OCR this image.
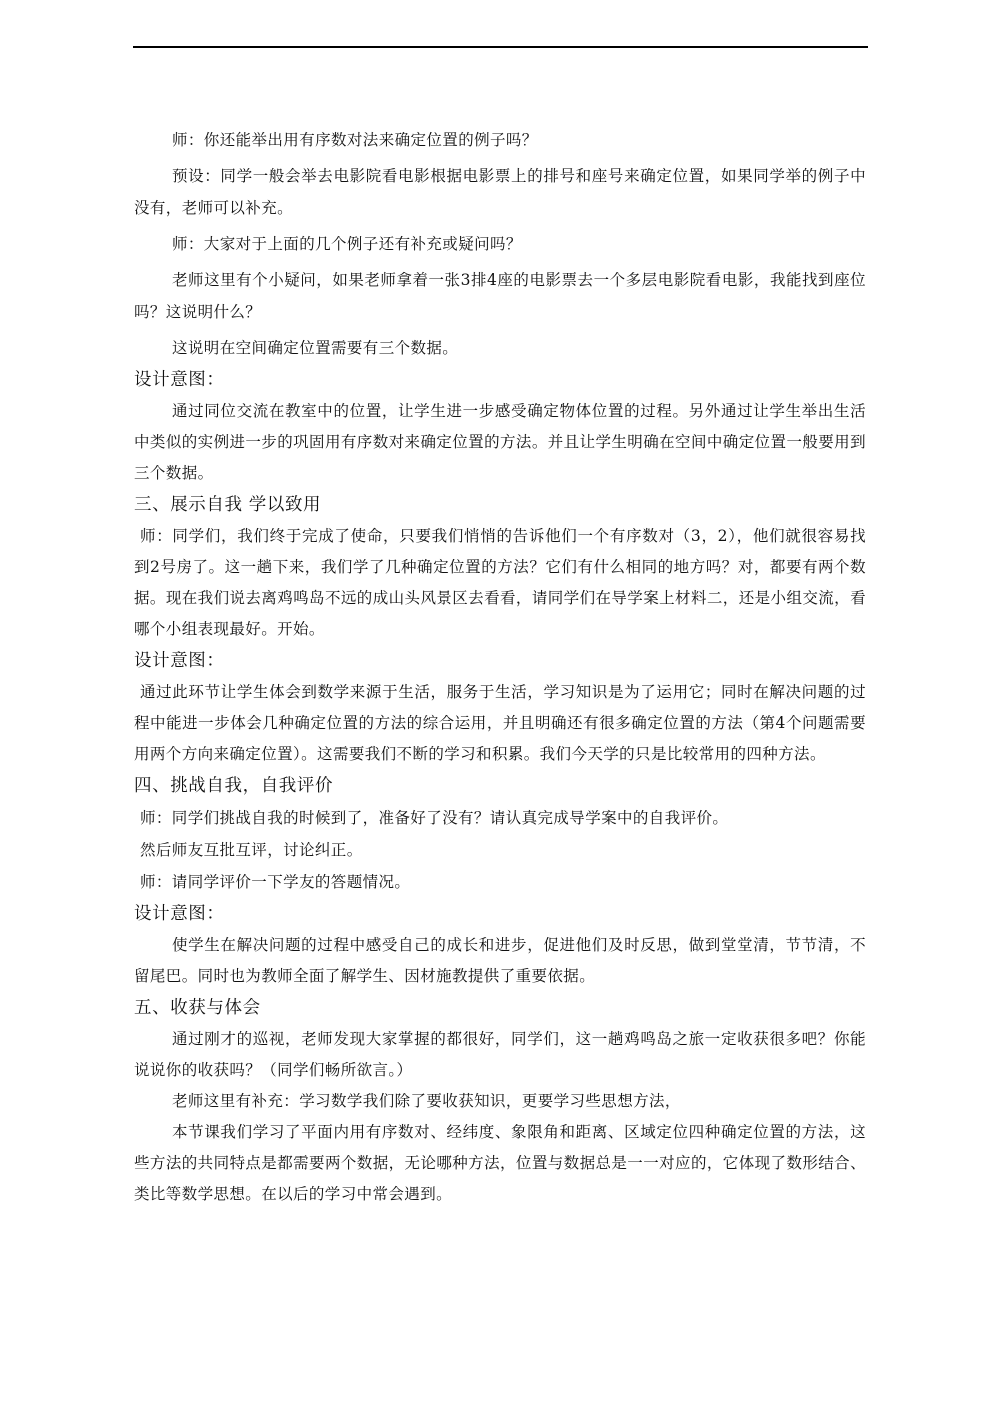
师：你还能举出用有序数对法来确定位置的例子吗？

预设：同学一般会举去电影院看电影根据电影票上的排号和座号来确定位置，如果同学举的例子中没有，老师可以补充。

师：大家对于上面的几个例子还有补充或疑问吗？

老师这里有个小疑问，如果老师拿着一张3排4座的电影票去一个多层电影院看电影，我能找到座位吗？这说明什么？

这说明在空间确定位置需要有三个数据。

设计意图：

通过同位交流在教室中的位置，让学生进一步感受确定物体位置的过程。另外通过让学生举出生活中类似的实例进一步的巩固用有序数对来确定位置的方法。并且让学生明确在空间中确定位置一般要用到三个数据。

三、展示自我 学以致用

师：同学们，我们终于完成了使命，只要我们悄悄的告诉他们一个有序数对（3，2），他们就很容易找到2号房了。这一趟下来，我们学了几种确定位置的方法？它们有什么相同的地方吗？对，都要有两个数据。现在我们说去离鸡鸣岛不远的成山头风景区去看看，请同学们在导学案上材料二，还是小组交流，看哪个小组表现最好。开始。

设计意图：

通过此环节让学生体会到数学来源于生活，服务于生活，学习知识是为了运用它；同时在解决问题的过程中能进一步体会几种确定位置的方法的综合运用，并且明确还有很多确定位置的方法（第4个问题需要用两个方向来确定位置）。这需要我们不断的学习和积累。我们今天学的只是比较常用的四种方法。

四、挑战自我，自我评价

师：同学们挑战自我的时候到了，准备好了没有？请认真完成导学案中的自我评价。

然后师友互批互评，讨论纠正。

师：请同学评价一下学友的答题情况。

设计意图：

使学生在解决问题的过程中感受自己的成长和进步，促进他们及时反思，做到堂堂清，节节清，不留尾巴。同时也为教师全面了解学生、因材施教提供了重要依据。

五、收获与体会

通过刚才的巡视，老师发现大家掌握的都很好，同学们，这一趟鸡鸣岛之旅一定收获很多吧？你能说说你的收获吗？（同学们畅所欲言。）

老师这里有补充：学习数学我们除了要收获知识，更要学习些思想方法，

本节课我们学习了平面内用有序数对、经纬度、象限角和距离、区域定位四种确定位置的方法，这些方法的共同特点是都需要两个数据，无论哪种方法，位置与数据总是一一对应的，它体现了数形结合、类比等数学思想。在以后的学习中常会遇到。
